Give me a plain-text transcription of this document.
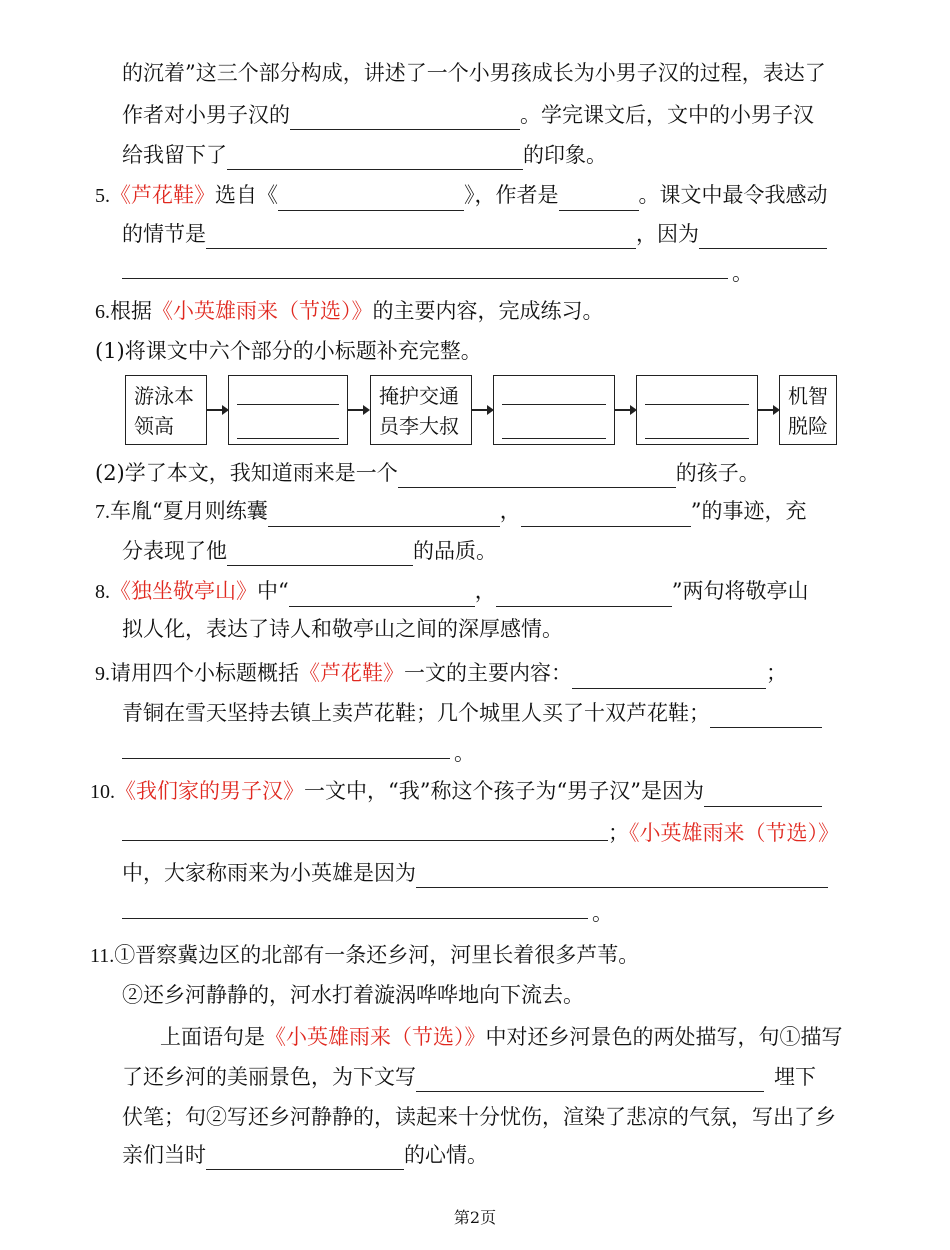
的沉着”这三个部分构成，讲述了一个小男孩成长为小男子汉的过程，表达了
作者对小男子汉的	。学完课文后，文中的小男子汉
给我留下了	的印象。
5.《芦花鞋》选自《	》，作者是	。课文中最令我感动
的情节是	，因为
。
6.根据《小英雄雨来（节选）》的主要内容，完成练习。
(1)将课文中六个部分的小标题补充完整。
游泳本
领高
掩护交通
员李大叔
机智
脱险
(2)学了本文，我知道雨来是一个	的孩子。
7.车胤“夏月则练囊	，	”的事迹，充
分表现了他	的品质。
8.《独坐敬亭山》中“	，	”两句将敬亭山
拟人化，表达了诗人和敬亭山之间的深厚感情。
9.请用四个小标题概括《芦花鞋》一文的主要内容：	；
青铜在雪天坚持去镇上卖芦花鞋；几个城里人买了十双芦花鞋；
。
10.《我们家的男子汉》一文中，“我”称这个孩子为“男子汉”是因为
；《小英雄雨来（节选）》
中，大家称雨来为小英雄是因为
。
11.①晋察冀边区的北部有一条还乡河，河里长着很多芦苇。
②还乡河静静的，河水打着漩涡哗哗地向下流去。
上面语句是《小英雄雨来（节选）》中对还乡河景色的两处描写，句①描写
了还乡河的美丽景色，为下文写	埋下
伏笔；句②写还乡河静静的，读起来十分忧伤，渲染了悲凉的气氛，写出了乡
亲们当时	的心情。
第2页
